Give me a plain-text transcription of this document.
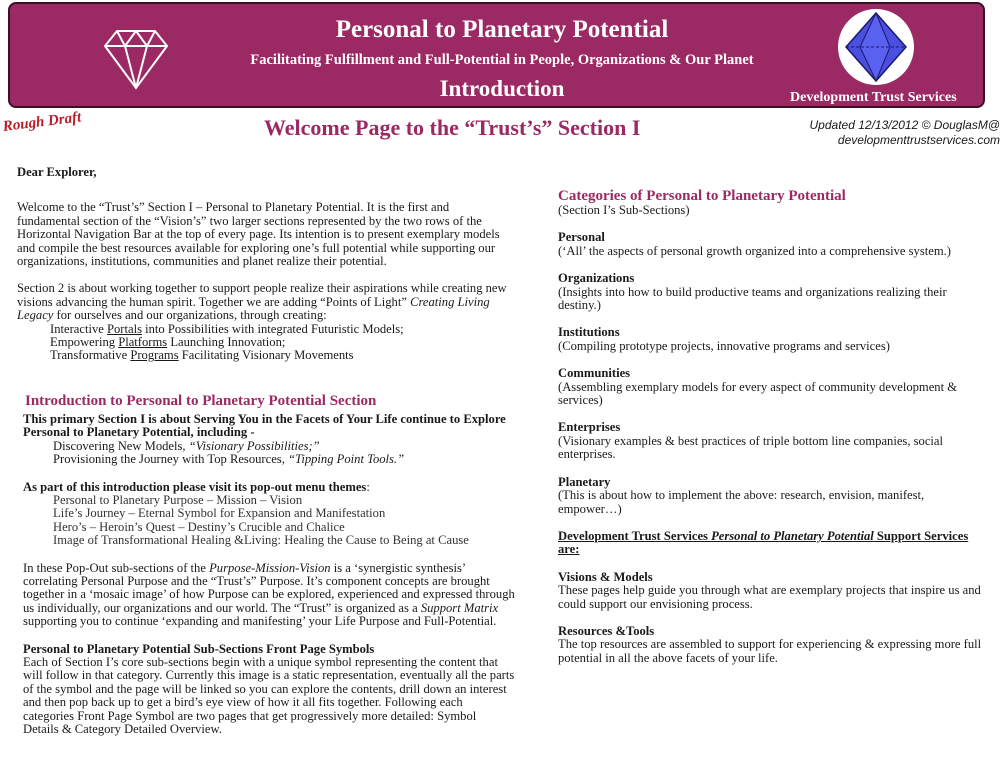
Personal to Planetary Potential
Facilitating Fulfillment and Full-Potential in People, Organizations & Our Planet
Introduction	Development Trust Services
Rough Draft	Welcome Page to the “Trust’s” Section I	Updated 12/13/2012 © DouglasM@
developmenttrustservices.com

Dear Explorer,

Welcome to the “Trust’s” Section I – Personal to Planetary Potential. It is the first and fundamental section of the “Vision’s” two larger sections represented by the two rows of the Horizontal Navigation Bar at the top of every page. Its intention is to present exemplary models and compile the best resources available for exploring one’s full potential while supporting our organizations, institutions, communities and planet realize their potential.

Section 2 is about working together to support people realize their aspirations while creating new visions advancing the human spirit. Together we are adding “Points of Light” Creating Living Legacy for ourselves and our organizations, through creating:

Interactive Portals into Possibilities with integrated Futuristic Models;

Empowering Platforms Launching Innovation;

Transformative Programs Facilitating Visionary Movements

Introduction to Personal to Planetary Potential Section

This primary Section I is about Serving You in the Facets of Your Life continue to Explore Personal to Planetary Potential, including -

Discovering New Models, “Visionary Possibilities;”

Provisioning the Journey with Top Resources, “Tipping Point Tools.”

As part of this introduction please visit its pop-out menu themes:

Personal to Planetary Purpose – Mission – Vision

Life’s Journey – Eternal Symbol for Expansion and Manifestation

Hero’s – Heroin’s Quest – Destiny’s Crucible and Chalice

Image of Transformational Healing &Living: Healing the Cause to Being at Cause

In these Pop-Out sub-sections of the Purpose-Mission-Vision is a ‘synergistic synthesis’ correlating Personal Purpose and the “Trust’s” Purpose. It’s component concepts are brought together in a ‘mosaic image’ of how Purpose can be explored, experienced and expressed through us individually, our organizations and our world. The “Trust” is organized as a Support Matrix supporting you to continue ‘expanding and manifesting’ your Life Purpose and Full-Potential.

Personal to Planetary Potential Sub-Sections Front Page Symbols

Each of Section I’s core sub-sections begin with a unique symbol representing the content that will follow in that category. Currently this image is a static representation, eventually all the parts of the symbol and the page will be linked so you can explore the contents, drill down an interest and then pop back up to get a bird’s eye view of how it all fits together. Following each categories Front Page Symbol are two pages that get progressively more detailed: Symbol Details & Category Detailed Overview.

Categories of Personal to Planetary Potential

(Section I’s Sub-Sections)

Personal

(‘All’ the aspects of personal growth organized into a comprehensive system.)

Organizations

(Insights into how to build productive teams and organizations realizing their destiny.)

Institutions

(Compiling prototype projects, innovative programs and services)

Communities

(Assembling exemplary models for every aspect of community development & services)

Enterprises

(Visionary examples & best practices of triple bottom line companies, social enterprises.

Planetary

(This is about how to implement the above: research, envision, manifest, empower…)

Development Trust Services Personal to Planetary Potential Support Services are:

Visions & Models

These pages help guide you through what are exemplary projects that inspire us and could support our envisioning process.

Resources &Tools

The top resources are assembled to support for experiencing & expressing more full potential in all the above facets of your life.
